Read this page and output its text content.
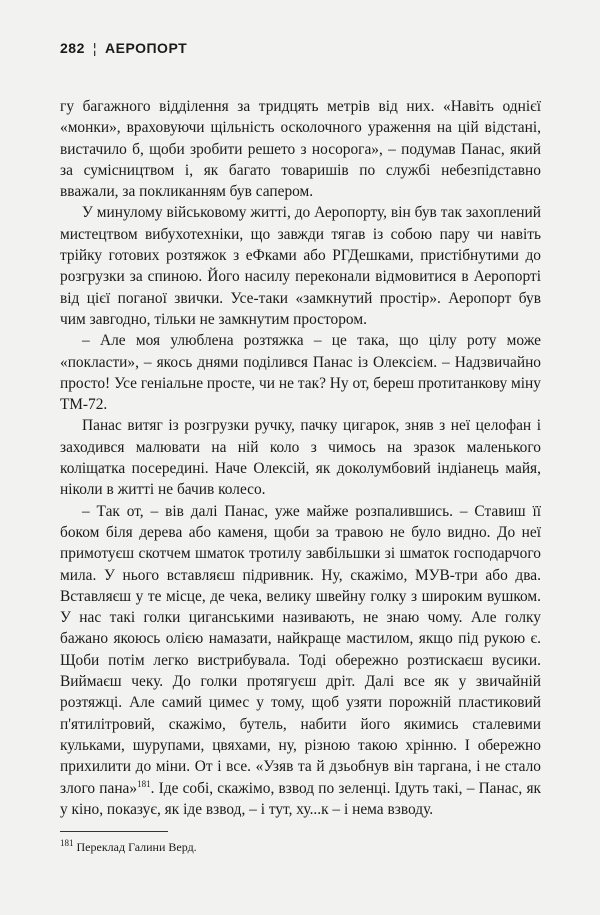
282 ¦ АЕРОПОРТ

гу багажного відділення за тридцять метрів від них. «Навіть однієї «монки», враховуючи щільність осколочного ураження на цій відстані, вистачило б, щоби зробити решето з носорога», – подумав Панас, який за сумісництвом і, як багато товаришів по службі небезпідставно вважали, за покликанням був сапером.

У минулому військовому житті, до Аеропорту, він був так захоплений мистецтвом вибухотехніки, що завжди тягав із собою пару чи навіть трійку готових розтяжок з еФками або РГДешками, пристібнутими до розгрузки за спиною. Його насилу переконали відмовитися в Аеропорті від цієї поганої звички. Усе-таки «замкнутий простір». Аеропорт був чим завгодно, тільки не замкнутим простором.

– Але моя улюблена розтяжка – це така, що цілу роту може «покласти», – якось днями поділився Панас із Олексієм. – Надзвичайно просто! Усе геніальне просте, чи не так? Ну от, береш протитанкову міну ТМ-72.

Панас витяг із розгрузки ручку, пачку цигарок, зняв з неї целофан і заходився малювати на ній коло з чимось на зразок маленького коліщатка посередині. Наче Олексій, як доколумбовий індіанець майя, ніколи в житті не бачив колесо.

– Так от, – вів далі Панас, уже майже розпалившись. – Ставиш її боком біля дерева або каменя, щоби за травою не було видно. До неї примотуєш скотчем шматок тротилу завбільшки зі шматок господарчого мила. У нього вставляєш підривник. Ну, скажімо, МУВ-три або два. Вставляєш у те місце, де чека, велику швейну голку з широким вушком. У нас такі голки циганськими називають, не знаю чому. Але голку бажано якоюсь олією намазати, найкраще мастилом, якщо під рукою є. Щоби потім легко вистрибувала. Тоді обережно розтискаєш вусики. Виймаєш чеку. До голки протягуєш дріт. Далі все як у звичайній розтяжці. Але самий цимес у тому, щоб узяти порожній пластиковий п'ятилітровий, скажімо, бутель, набити його якимись сталевими кульками, шурупами, цвяхами, ну, різною такою хрінню. І обережно прихилити до міни. От і все. «Узяв та й дзьобнув він таргана, і не стало злого пана»$^{181}$. Іде собі, скажімо, взвод по зеленці. Ідуть такі, – Панас, як у кіно, показує, як іде взвод, – і тут, ху...к – і нема взводу.

$^{181}$ Переклад Галини Верд.
